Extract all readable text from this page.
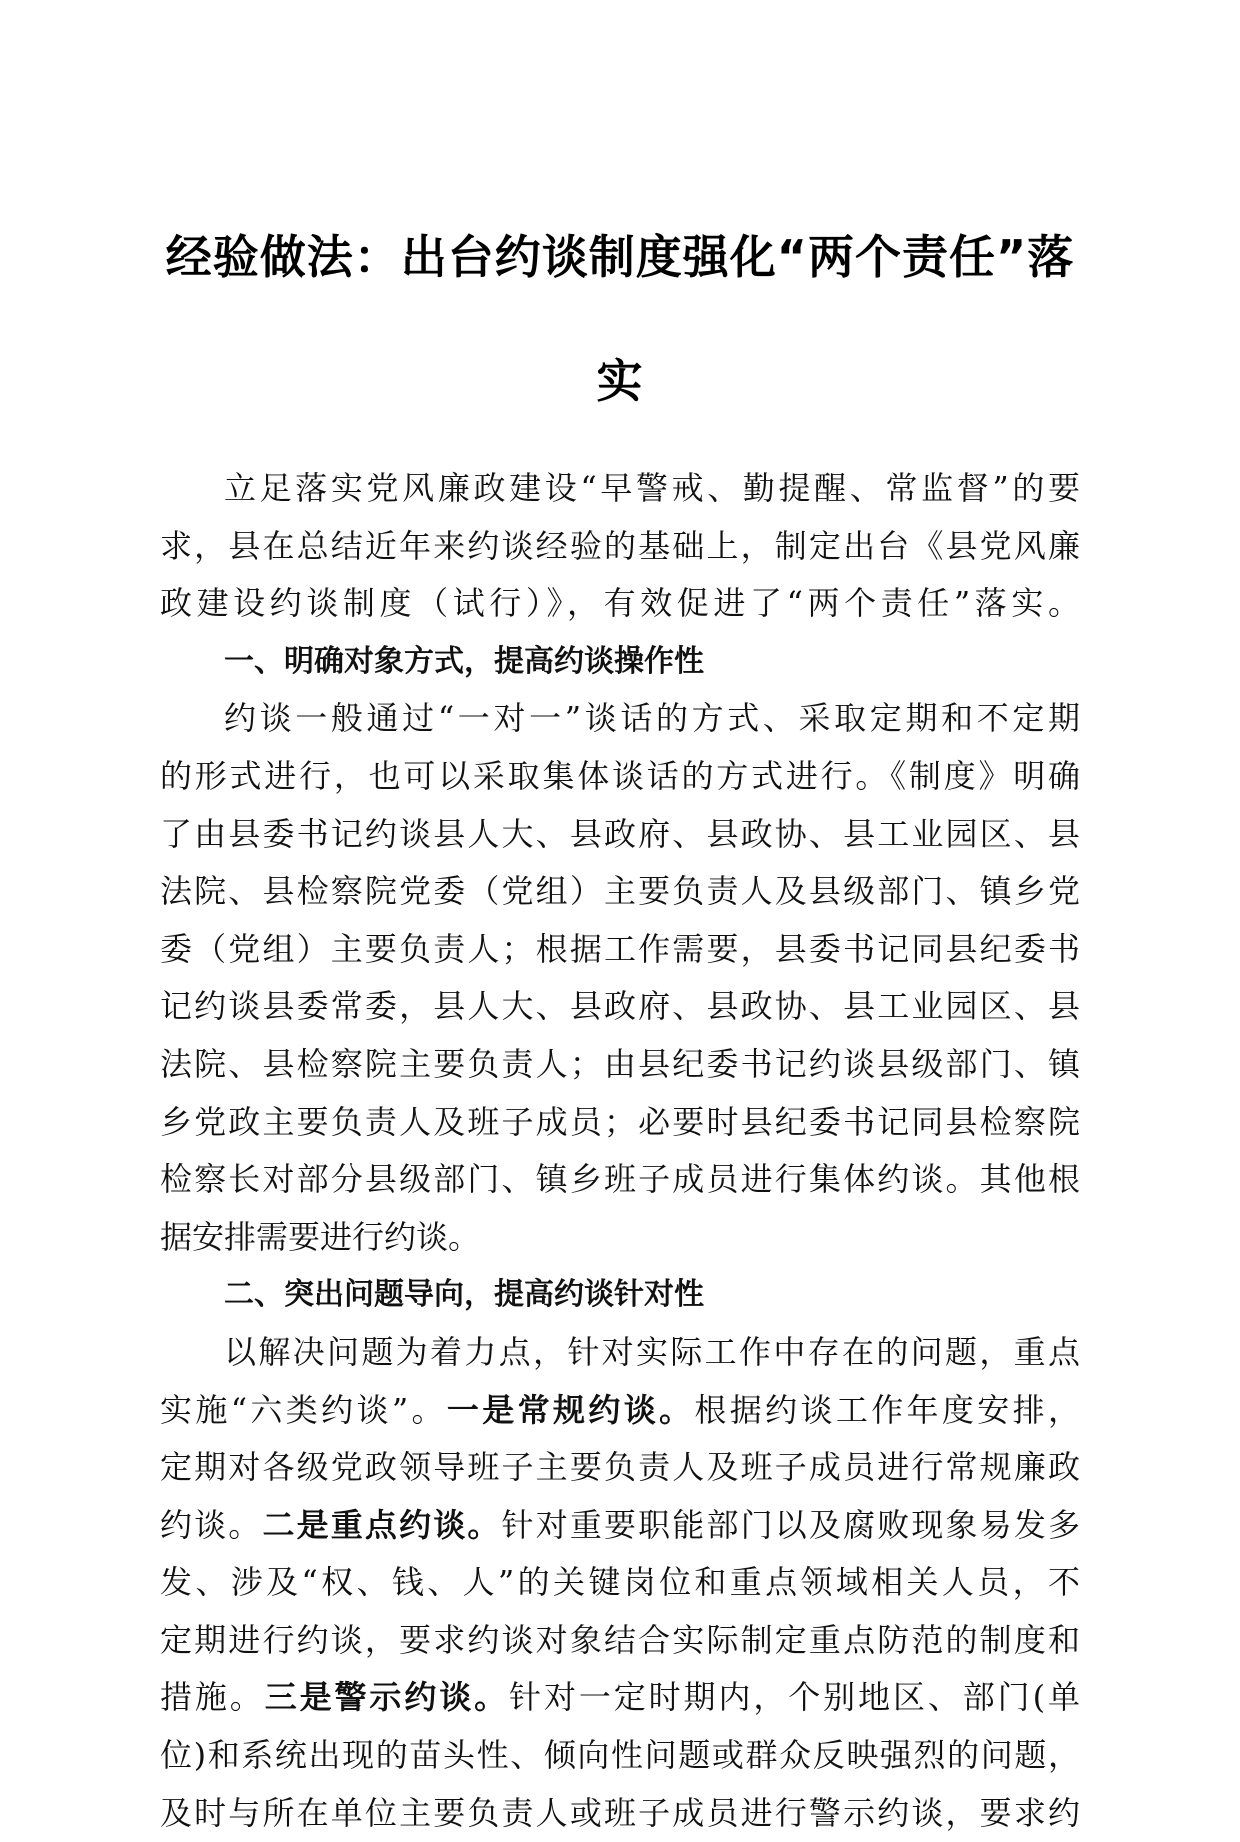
经验做法：出台约谈制度强化“两个责任”落
实
立足落实党风廉政建设“早警戒、勤提醒、常监督”的要
求，县在总结近年来约谈经验的基础上，制定出台《县党风廉
政建设约谈制度（试行）》，有效促进了“两个责任”落实。
一、明确对象方式，提高约谈操作性
约谈一般通过“一对一”谈话的方式、采取定期和不定期
的形式进行，也可以采取集体谈话的方式进行。《制度》明确
了由县委书记约谈县人大、县政府、县政协、县工业园区、县
法院、县检察院党委（党组）主要负责人及县级部门、镇乡党
委（党组）主要负责人；根据工作需要，县委书记同县纪委书
记约谈县委常委，县人大、县政府、县政协、县工业园区、县
法院、县检察院主要负责人；由县纪委书记约谈县级部门、镇
乡党政主要负责人及班子成员；必要时县纪委书记同县检察院
检察长对部分县级部门、镇乡班子成员进行集体约谈。其他根
据安排需要进行约谈。
二、突出问题导向，提高约谈针对性
以解决问题为着力点，针对实际工作中存在的问题，重点
实施“六类约谈”。一是常规约谈。根据约谈工作年度安排，
定期对各级党政领导班子主要负责人及班子成员进行常规廉政
约谈。二是重点约谈。针对重要职能部门以及腐败现象易发多
发、涉及“权、钱、人”的关键岗位和重点领域相关人员，不
定期进行约谈，要求约谈对象结合实际制定重点防范的制度和
措施。三是警示约谈。针对一定时期内，个别地区、部门(单
位)和系统出现的苗头性、倾向性问题或群众反映强烈的问题，
及时与所在单位主要负责人或班子成员进行警示约谈，要求约
